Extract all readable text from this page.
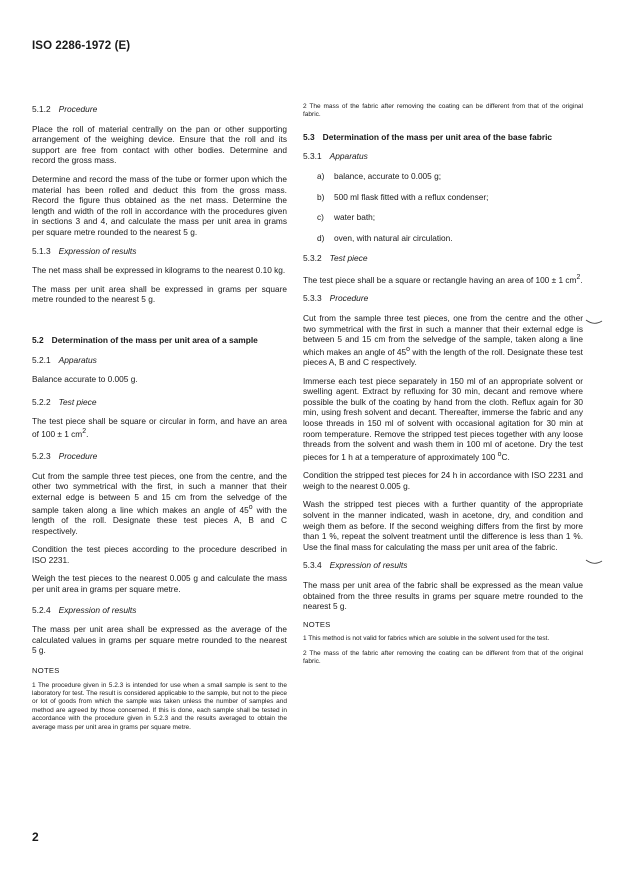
ISO 2286-1972 (E)
5.1.2 Procedure

Place the roll of material centrally on the pan or other supporting arrangement of the weighing device. Ensure that the roll and its support are free from contact with other bodies. Determine and record the gross mass.

Determine and record the mass of the tube or former upon which the material has been rolled and deduct this from the gross mass. Record the figure thus obtained as the net mass. Determine the length and width of the roll in accordance with the procedures given in sections 3 and 4, and calculate the mass per unit area in grams per square metre rounded to the nearest 5 g.

5.1.3 Expression of results

The net mass shall be expressed in kilograms to the nearest 0.10 kg.

The mass per unit area shall be expressed in grams per square metre rounded to the nearest 5 g.

5.2 Determination of the mass per unit area of a sample
5.2.1 Apparatus

Balance accurate to 0.005 g.

5.2.2 Test piece

The test piece shall be square or circular in form, and have an area of 100 ± 1 $cm^2$.

5.2.3 Procedure

Cut from the sample three test pieces, one from the centre, and the other two symmetrical with the first, in such a manner that their external edge is between 5 and 15 cm from the selvedge of the sample taken along a line which makes an angle of 45$^o$ with the length of the roll. Designate these test pieces A, B and C respectively.

Condition the test pieces according to the procedure described in ISO 2231.

Weigh the test pieces to the nearest 0.005 g and calculate the mass per unit area in grams per square metre.

5.2.4 Expression of results

The mass per unit area shall be expressed as the average of the calculated values in grams per square metre rounded to the nearest 5 g.

NOTES

1 The procedure given in 5.2.3 is intended for use when a small sample is sent to the laboratory for test. The result is considered applicable to the sample, but not to the piece or lot of goods from which the sample was taken unless the number of samples and method are agreed by those concerned. If this is done, each sample shall be tested in accordance with the procedure given in 5.2.3 and the results averaged to obtain the average mass per unit area in grams per square metre.

2 The mass of the fabric after removing the coating can be different from that of the original fabric.

5.3 Determination of the mass per unit area of the base fabric
5.3.1 Apparatus
a) balance, accurate to 0.005 g;
b) 500 ml flask fitted with a reflux condenser;
c) water bath;
d) oven, with natural air circulation.
5.3.2 Test piece

The test piece shall be a square or rectangle having an area of 100 ± 1 $cm^2$.

5.3.3 Procedure

Cut from the sample three test pieces, one from the centre and the other two symmetrical with the first in such a manner that their external edge is between 5 and 15 cm from the selvedge of the sample, taken along a line which makes an angle of 45$^o$ with the length of the roll. Designate these test pieces A, B and C respectively.

Immerse each test piece separately in 150 ml of an appropriate solvent or swelling agent. Extract by refluxing for 30 min, decant and remove where possible the bulk of the coating by hand from the cloth. Reflux again for 30 min, using fresh solvent and decant. Thereafter, immerse the fabric and any loose threads in 150 ml of solvent with occasional agitation for 30 min at room temperature. Remove the stripped test pieces together with any loose threads from the solvent and wash them in 100 ml of acetone. Dry the test pieces for 1 h at a temperature of approximately 100 $^o$C.

Condition the stripped test pieces for 24 h in accordance with ISO 2231 and weigh to the nearest 0.005 g.

Wash the stripped test pieces with a further quantity of the appropriate solvent in the manner indicated, wash in acetone, dry, and condition and weigh them as before. If the second weighing differs from the first by more than 1 %, repeat the solvent treatment until the difference is less than 1 %. Use the final mass for calculating the mass per unit area of the fabric.

5.3.4 Expression of results

The mass per unit area of the fabric shall be expressed as the mean value obtained from the three results in grams per square metre rounded to the nearest 5 g.

NOTES

1 This method is not valid for fabrics which are soluble in the solvent used for the test.

2 The mass of the fabric after removing the coating can be different from that of the original fabric.

2
